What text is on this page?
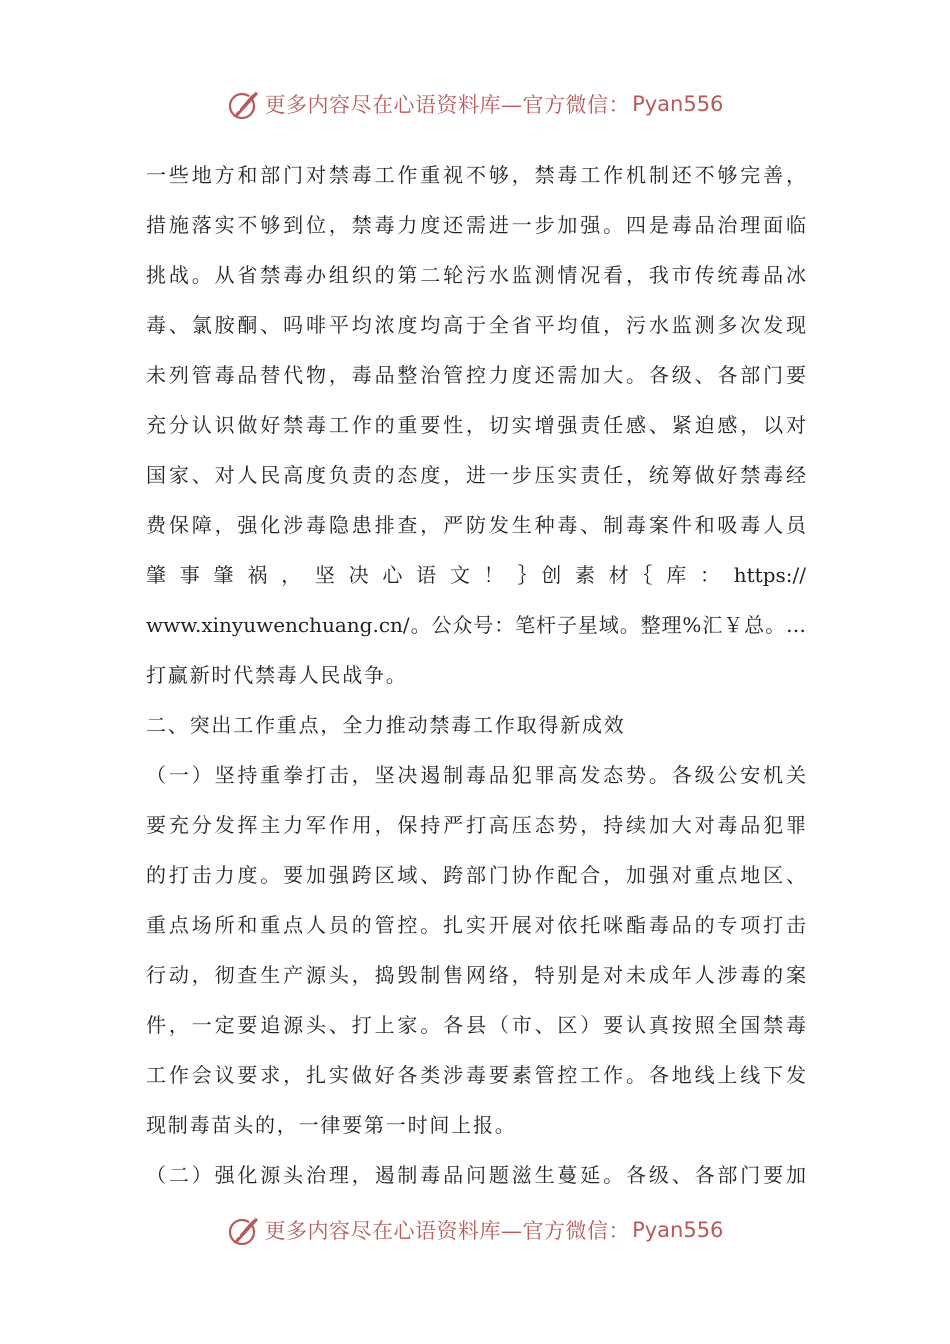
更多内容尽在心语资料库—官方微信： Pyan556
一些地方和部门对禁毒工作重视不够，禁毒工作机制还不够完善，
措施落实不够到位，禁毒力度还需进一步加强。四是毒品治理面临
挑战。从省禁毒办组织的第二轮污水监测情况看，我市传统毒品冰
毒、氯胺酮、吗啡平均浓度均高于全省平均值，污水监测多次发现
未列管毒品替代物，毒品整治管控力度还需加大。各级、各部门要
充分认识做好禁毒工作的重要性，切实增强责任感、紧迫感，以对
国家、对人民高度负责的态度，进一步压实责任，统筹做好禁毒经
费保障，强化涉毒隐患排查，严防发生种毒、制毒案件和吸毒人员
肇 事 肇 祸 ， 坚 决 心 语 文 ！ ｝创 素 材｛ 库 ： https://
www.xinyuwenchuang.cn/。公众号：笔杆子星域。整理%汇￥总。…
打赢新时代禁毒人民战争。
二、突出工作重点，全力推动禁毒工作取得新成效
（一）坚持重拳打击，坚决遏制毒品犯罪高发态势。各级公安机关
要充分发挥主力军作用，保持严打高压态势，持续加大对毒品犯罪
的打击力度。要加强跨区域、跨部门协作配合，加强对重点地区、
重点场所和重点人员的管控。扎实开展对依托咪酯毒品的专项打击
行动，彻查生产源头，捣毁制售网络，特别是对未成年人涉毒的案
件，一定要追源头、打上家。各县（市、区）要认真按照全国禁毒
工作会议要求，扎实做好各类涉毒要素管控工作。各地线上线下发
现制毒苗头的，一律要第一时间上报。
（二）强化源头治理，遏制毒品问题滋生蔓延。各级、各部门要加
更多内容尽在心语资料库—官方微信： Pyan556
